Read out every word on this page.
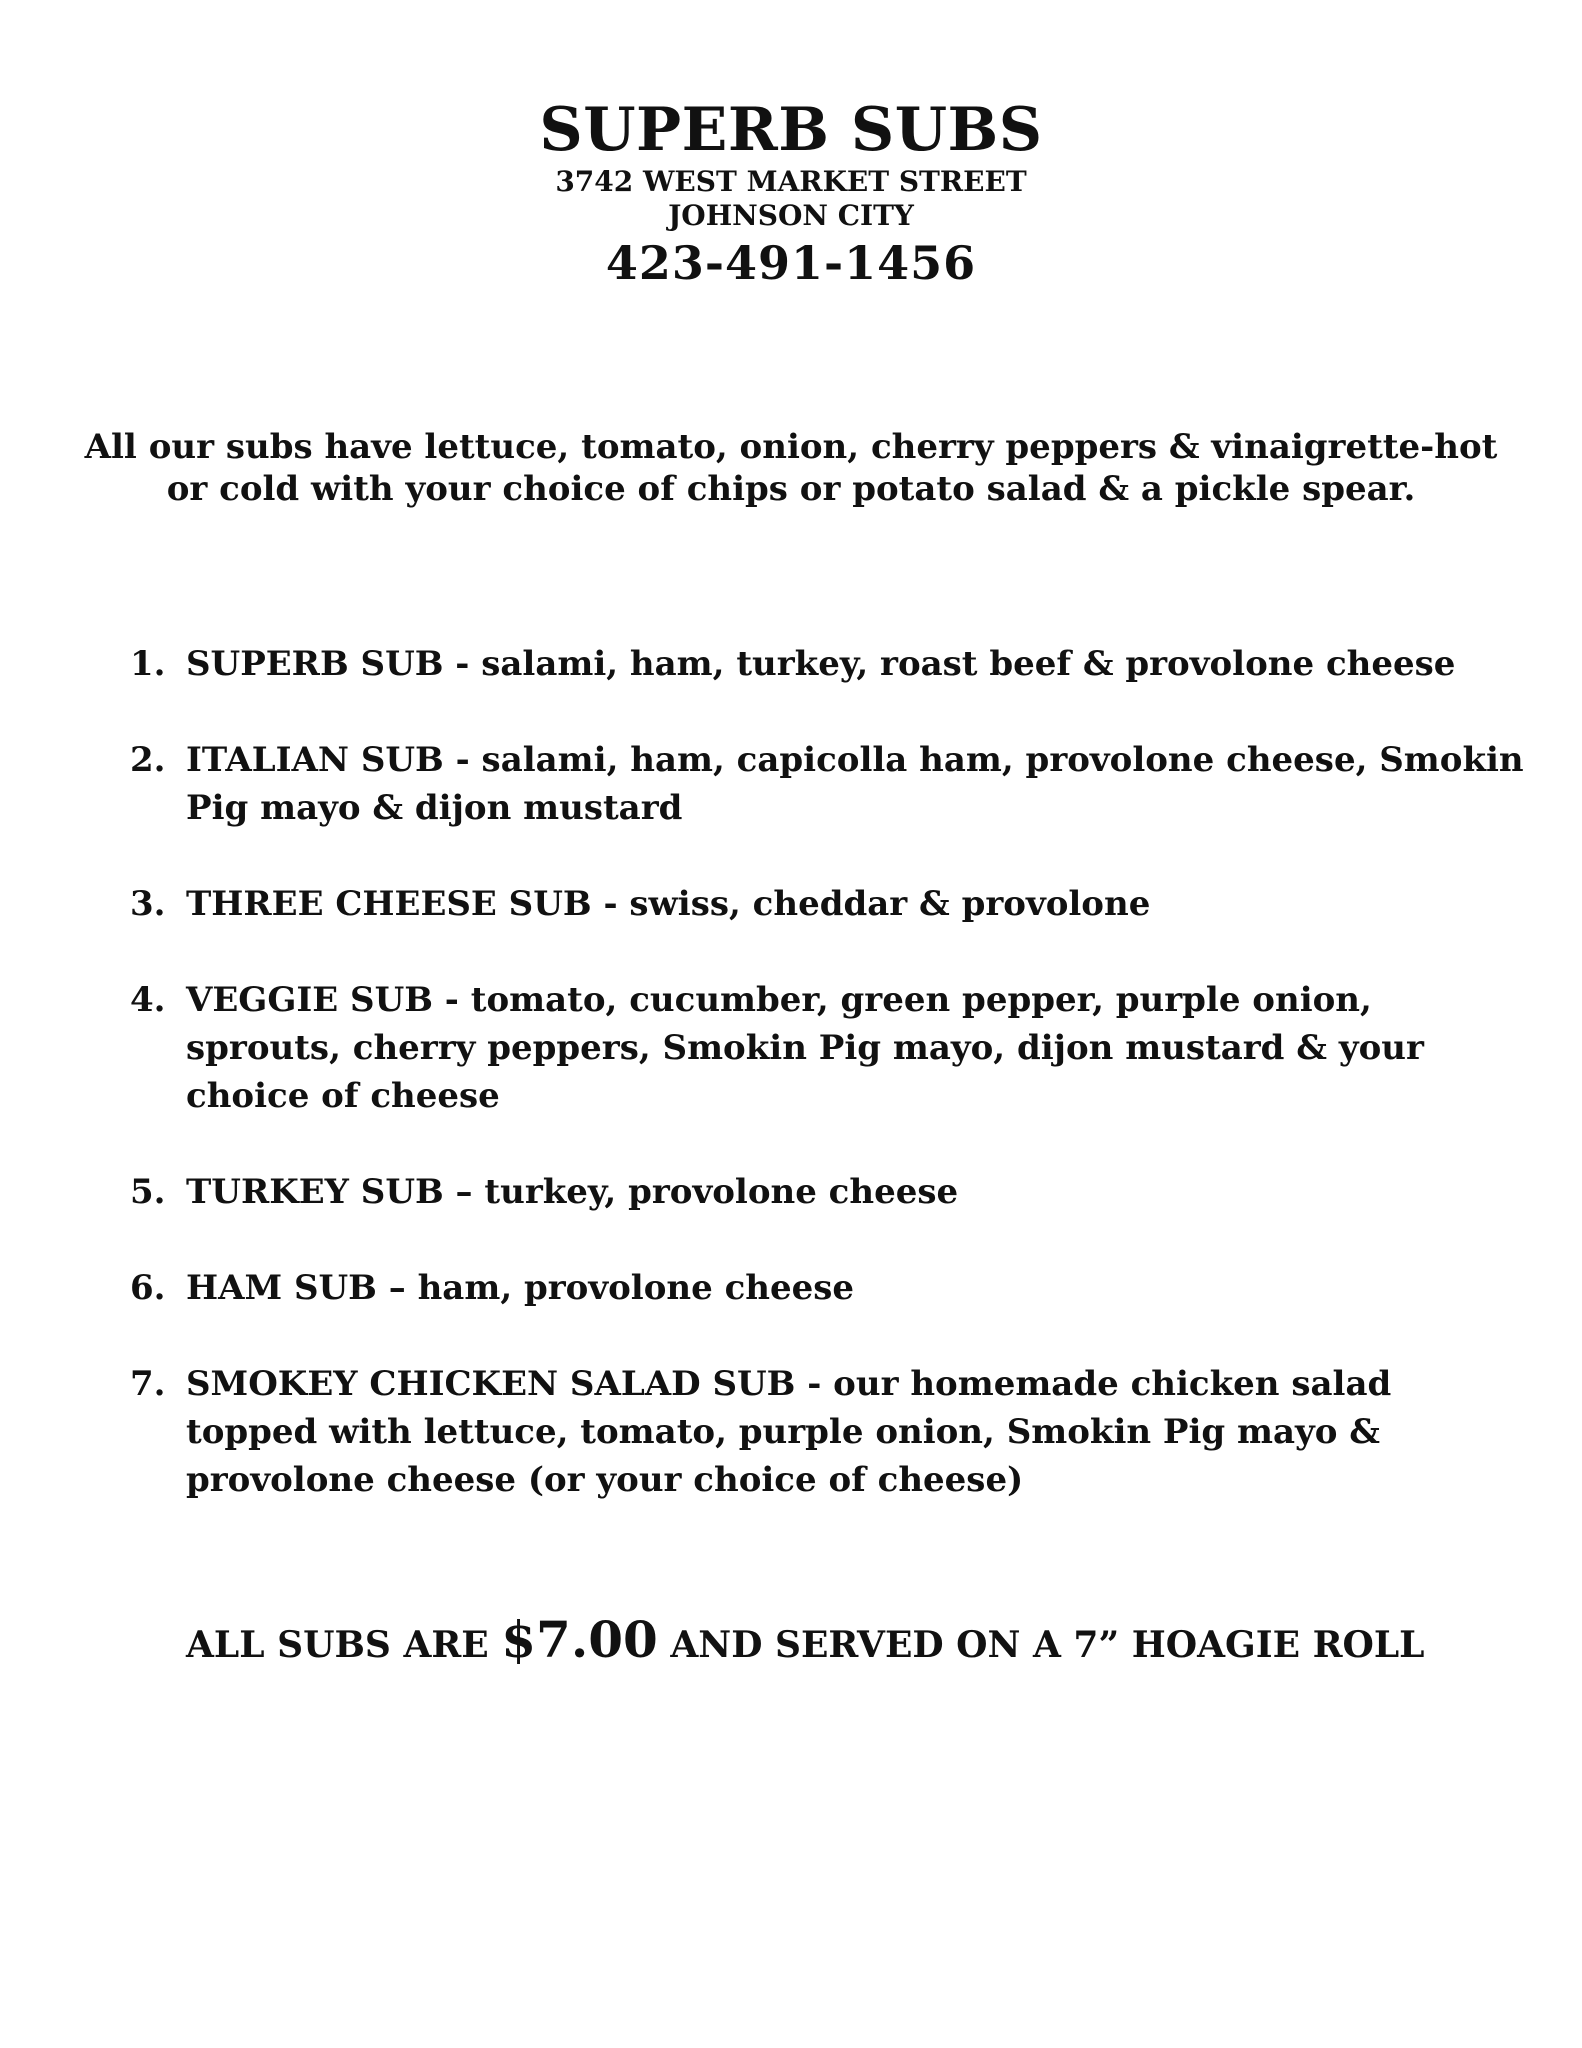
SUPERB SUBS
3742 WEST MARKET STREET
JOHNSON CITY
423-491-1456
All our subs have lettuce, tomato, onion, cherry peppers & vinaigrette-hot
or cold with your choice of chips or potato salad & a pickle spear.
1. SUPERB SUB - salami, ham, turkey, roast beef & provolone cheese
2. ITALIAN SUB - salami, ham, capicolla ham, provolone cheese, Smokin Pig mayo & dijon mustard
3. THREE CHEESE SUB - swiss, cheddar & provolone
4. VEGGIE SUB - tomato, cucumber, green pepper, purple onion, sprouts, cherry peppers, Smokin Pig mayo, dijon mustard & your choice of cheese
5. TURKEY SUB – turkey, provolone cheese
6. HAM SUB – ham, provolone cheese
7. SMOKEY CHICKEN SALAD SUB - our homemade chicken salad topped with lettuce, tomato, purple onion, Smokin Pig mayo & provolone cheese (or your choice of cheese)
ALL SUBS ARE $7.00 AND SERVED ON A 7” HOAGIE ROLL
